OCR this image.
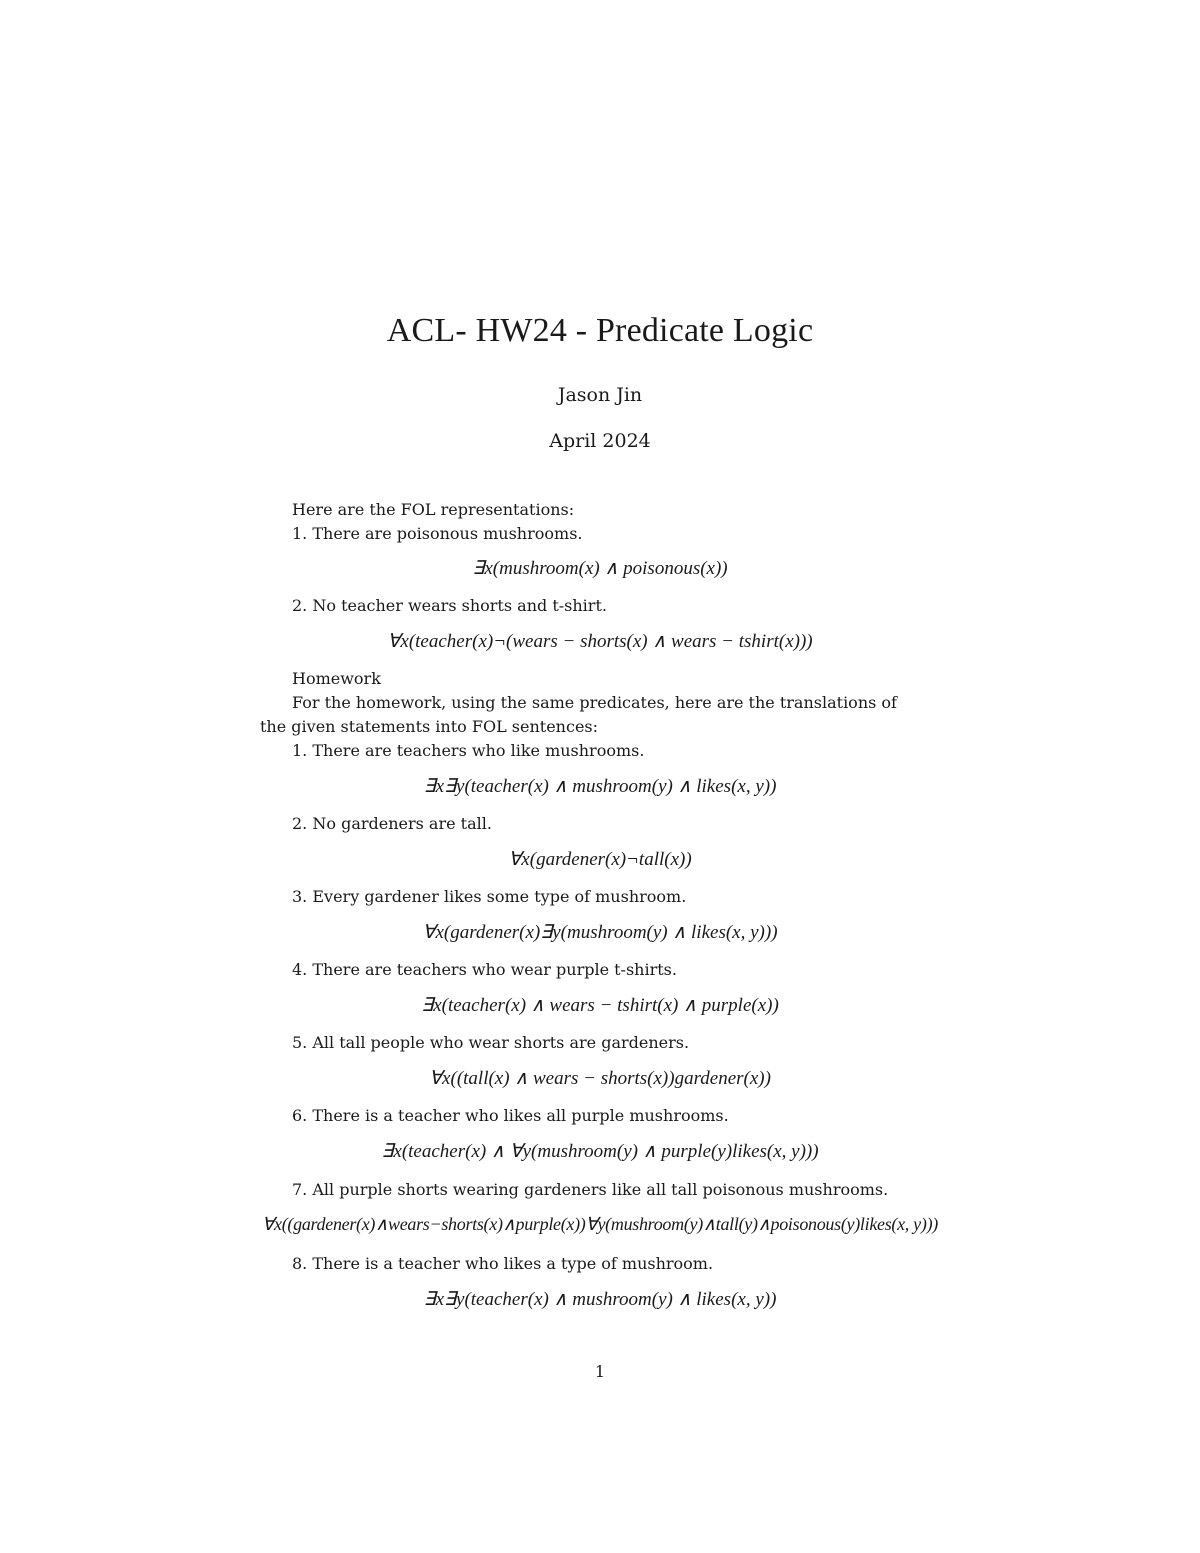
ACL- HW24 - Predicate Logic
Jason Jin
April 2024
Here are the FOL representations:
1. There are poisonous mushrooms.
∃x(mushroom(x) ∧ poisonous(x))
2. No teacher wears shorts and t-shirt.
∀x(teacher(x)¬(wears − shorts(x) ∧ wears − tshirt(x)))
Homework
For the homework, using the same predicates, here are the translations of
the given statements into FOL sentences:
1. There are teachers who like mushrooms.
∃x∃y(teacher(x) ∧ mushroom(y) ∧ likes(x, y))
2. No gardeners are tall.
∀x(gardener(x)¬tall(x))
3. Every gardener likes some type of mushroom.
∀x(gardener(x)∃y(mushroom(y) ∧ likes(x, y)))
4. There are teachers who wear purple t-shirts.
∃x(teacher(x) ∧ wears − tshirt(x) ∧ purple(x))
5. All tall people who wear shorts are gardeners.
∀x((tall(x) ∧ wears − shorts(x))gardener(x))
6. There is a teacher who likes all purple mushrooms.
∃x(teacher(x) ∧ ∀y(mushroom(y) ∧ purple(y)likes(x, y)))
7. All purple shorts wearing gardeners like all tall poisonous mushrooms.
∀x((gardener(x)∧wears−shorts(x)∧purple(x))∀y(mushroom(y)∧tall(y)∧poisonous(y)likes(x, y)))
8. There is a teacher who likes a type of mushroom.
∃x∃y(teacher(x) ∧ mushroom(y) ∧ likes(x, y))
1
